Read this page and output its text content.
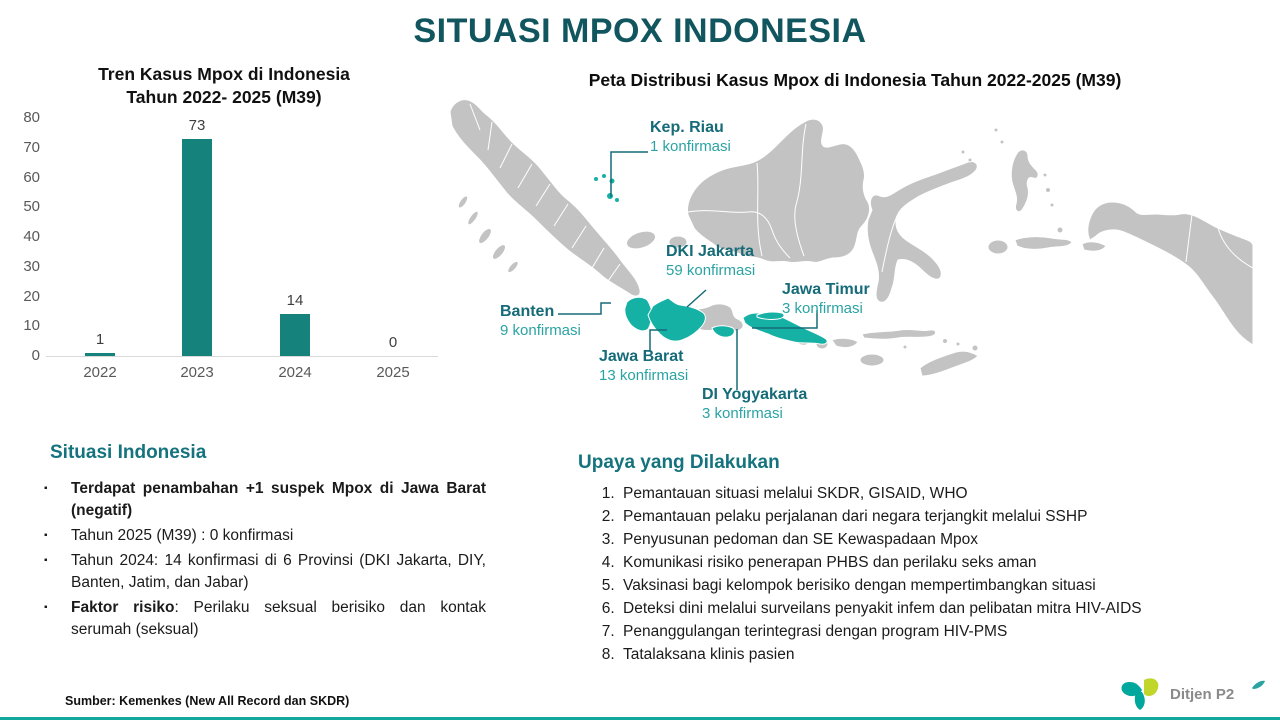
SITUASI MPOX INDONESIA
Tren Kasus Mpox di Indonesia
Tahun 2022- 2025 (M39)
80
70
60
50
40
30
20
10
0
1
2022
73
2023
14
2024
0
2025
Peta Distribusi Kasus Mpox di Indonesia Tahun 2022-2025 (M39)
Kep. Riau
1 konfirmasi
DKI Jakarta
59 konfirmasi
Banten
9 konfirmasi
Jawa Barat
13 konfirmasi
DI Yogyakarta
3 konfirmasi
Jawa Timur
3 konfirmasi
Situasi Indonesia
▪	Terdapat penambahan +1 suspek Mpox di Jawa Barat (negatif)
▪	Tahun 2025 (M39) : 0 konfirmasi
▪	Tahun 2024: 14 konfirmasi di 6 Provinsi (DKI Jakarta, DIY, Banten, Jatim, dan Jabar)
▪	Faktor risiko: Perilaku seksual berisiko dan kontak serumah (seksual)
Upaya yang Dilakukan
1. Pemantauan situasi melalui SKDR, GISAID, WHO
2. Pemantauan pelaku perjalanan dari negara terjangkit melalui SSHP
3. Penyusunan pedoman dan SE Kewaspadaan Mpox
4. Komunikasi risiko penerapan PHBS dan perilaku seks aman
5. Vaksinasi bagi kelompok berisiko dengan mempertimbangkan situasi
6. Deteksi dini melalui surveilans penyakit infem dan pelibatan mitra HIV-AIDS
7. Penanggulangan terintegrasi dengan program HIV-PMS
8. Tatalaksana klinis pasien
Sumber: Kemenkes (New All Record dan SKDR)	Ditjen P2
